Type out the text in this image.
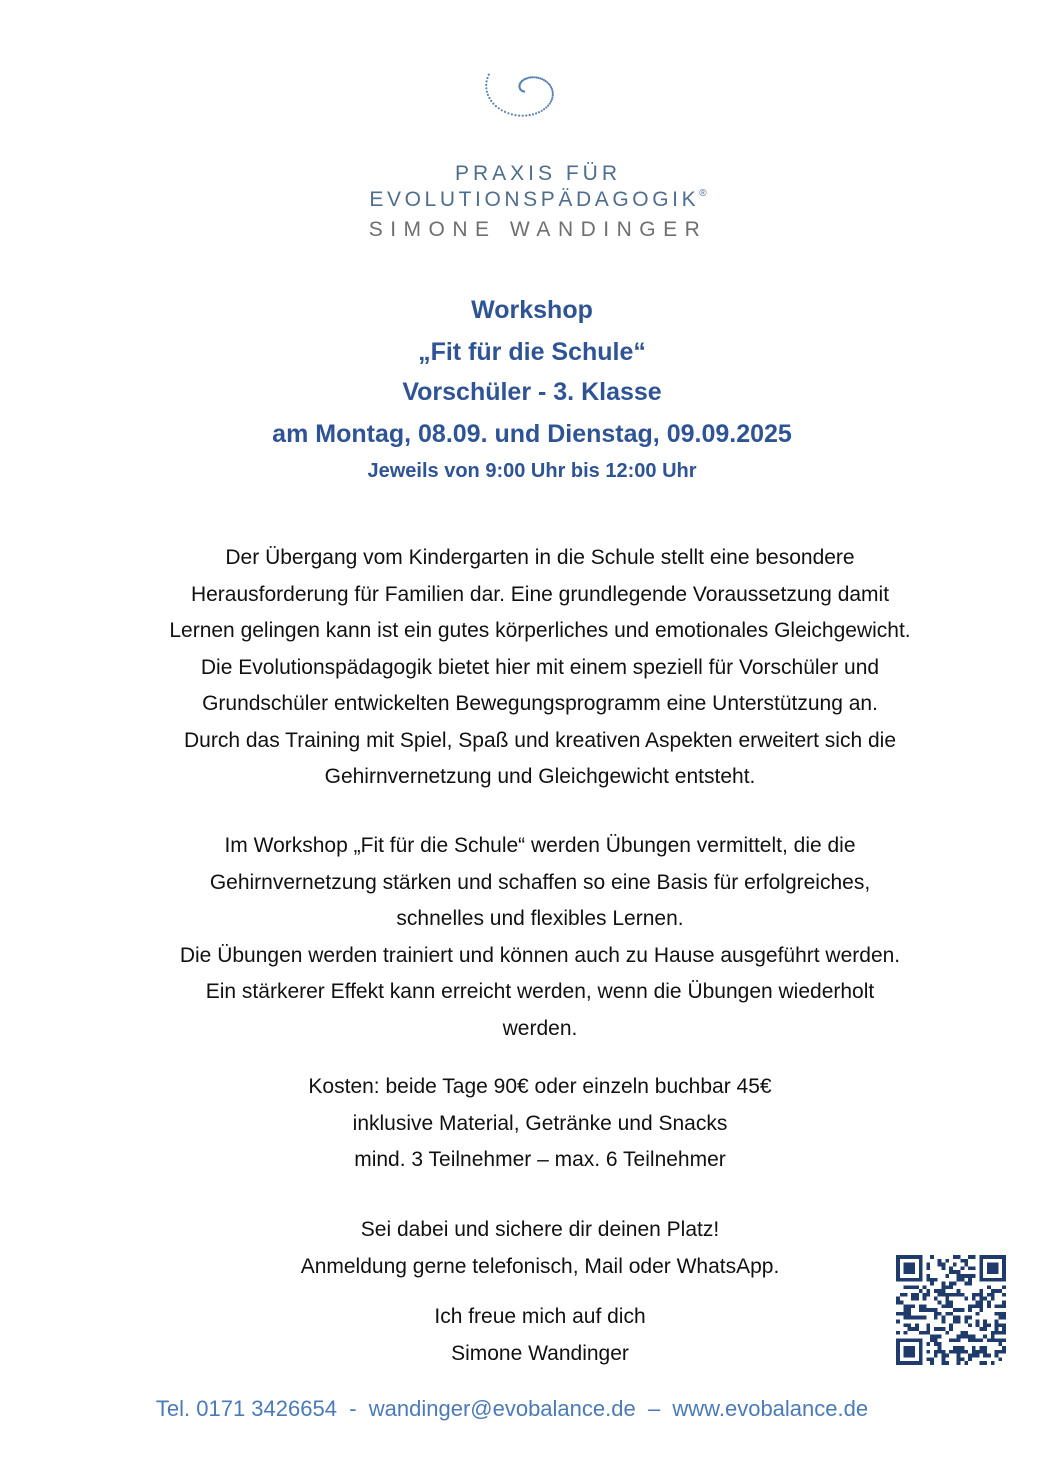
PRAXIS FÜR
EVOLUTIONSPÄDAGOGIK®
SIMONE WANDINGER
Workshop
„Fit für die Schule“
Vorschüler - 3. Klasse
am Montag, 08.09. und Dienstag, 09.09.2025
Jeweils von 9:00 Uhr bis 12:00 Uhr
Der Übergang vom Kindergarten in die Schule stellt eine besondere
Herausforderung für Familien dar. Eine grundlegende Voraussetzung damit
Lernen gelingen kann ist ein gutes körperliches und emotionales Gleichgewicht.
Die Evolutionspädagogik bietet hier mit einem speziell für Vorschüler und
Grundschüler entwickelten Bewegungsprogramm eine Unterstützung an.
Durch das Training mit Spiel, Spaß und kreativen Aspekten erweitert sich die
Gehirnvernetzung und Gleichgewicht entsteht.
Im Workshop „Fit für die Schule“ werden Übungen vermittelt, die die
Gehirnvernetzung stärken und schaffen so eine Basis für erfolgreiches,
schnelles und flexibles Lernen.
Die Übungen werden trainiert und können auch zu Hause ausgeführt werden.
Ein stärkerer Effekt kann erreicht werden, wenn die Übungen wiederholt
werden.
Kosten: beide Tage 90€ oder einzeln buchbar 45€
inklusive Material, Getränke und Snacks
mind. 3 Teilnehmer – max. 6 Teilnehmer
Sei dabei und sichere dir deinen Platz!
Anmeldung gerne telefonisch, Mail oder WhatsApp.
Ich freue mich auf dich
Simone Wandinger
Tel. 0171 3426654  -  wandinger@evobalance.de  –  www.evobalance.de
